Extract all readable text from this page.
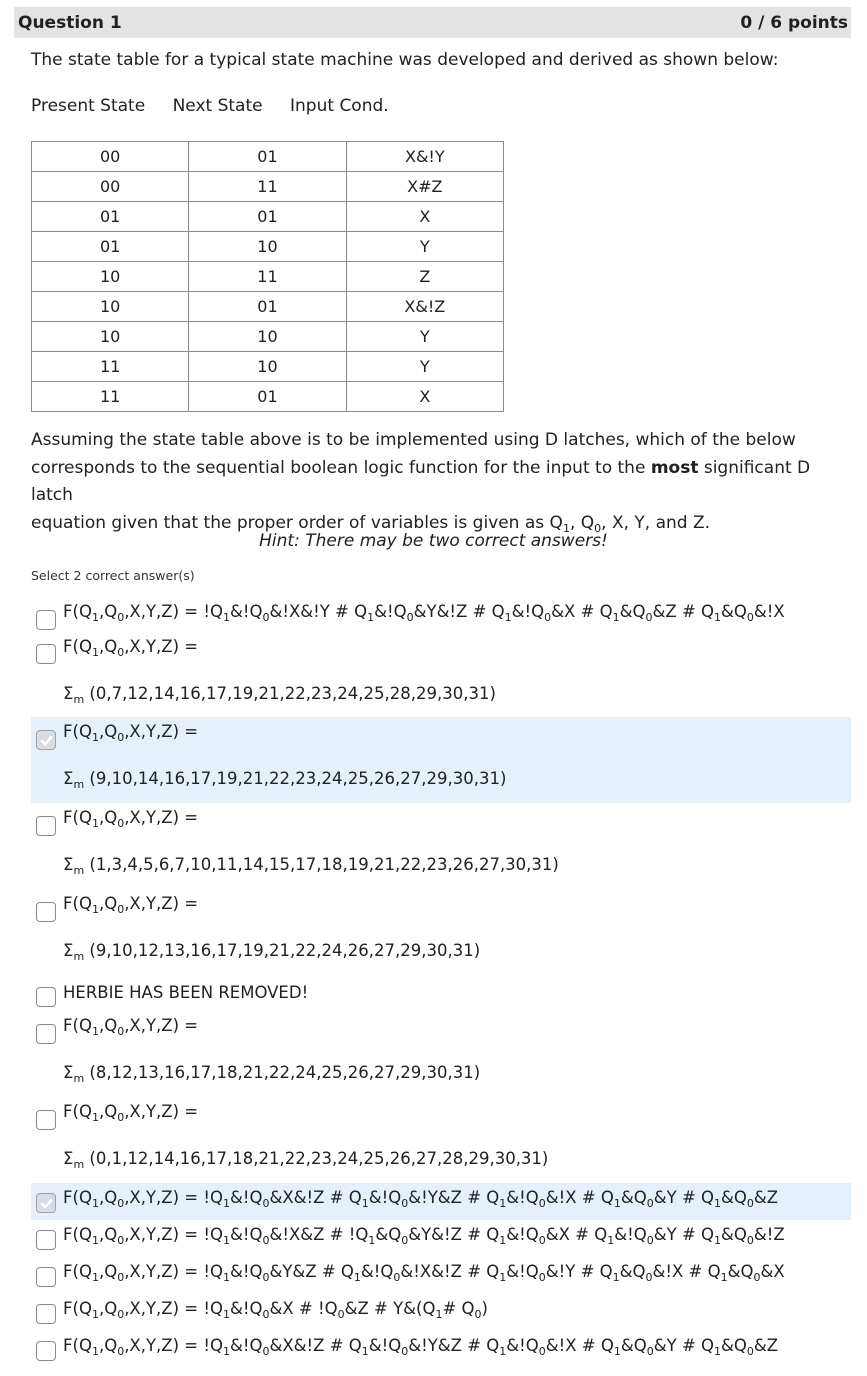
Question 1	0 / 6 points
The state table for a typical state machine was developed and derived as shown below:
Present State Next State Input Cond.
00	01	X&!Y
00	11	X#Z
01	01	X
01	10	Y
10	11	Z
10	01	X&!Z
10	10	Y
11	10	Y
11	01	X
Assuming the state table above is to be implemented using D latches, which of the below
corresponds to the sequential boolean logic function for the input to the most significant D latch
equation given that the proper order of variables is given as $Q_1$, $Q_0$, X, Y, and Z.
Hint: There may be two correct answers!
Select 2 correct answer(s)
$F(Q_1,Q_0,X,Y,Z)$ = $!Q_1\&!Q_0\&!X\&!Y$ # $Q_1\&!Q_0\&Y\&!Z$ # $Q_1\&!Q_0\&X$ # $Q_1\&Q_0\&Z$ # $Q_1\&Q_0\&!X$
$F(Q_1,Q_0,X,Y,Z)$ =
$\Sigma_m$ (0,7,12,14,16,17,19,21,22,23,24,25,28,29,30,31)
$F(Q_1,Q_0,X,Y,Z)$ =
$\Sigma_m$ (9,10,14,16,17,19,21,22,23,24,25,26,27,29,30,31)
$F(Q_1,Q_0,X,Y,Z)$ =
$\Sigma_m$ (1,3,4,5,6,7,10,11,14,15,17,18,19,21,22,23,26,27,30,31)
$F(Q_1,Q_0,X,Y,Z)$ =
$\Sigma_m$ (9,10,12,13,16,17,19,21,22,24,26,27,29,30,31)
HERBIE HAS BEEN REMOVED!
$F(Q_1,Q_0,X,Y,Z)$ =
$\Sigma_m$ (8,12,13,16,17,18,21,22,24,25,26,27,29,30,31)
$F(Q_1,Q_0,X,Y,Z)$ =
$\Sigma_m$ (0,1,12,14,16,17,18,21,22,23,24,25,26,27,28,29,30,31)
$F(Q_1,Q_0,X,Y,Z)$ = $!Q_1\&!Q_0\&X\&!Z$ # $Q_1\&!Q_0\&!Y\&Z$ # $Q_1\&!Q_0\&!X$ # $Q_1\&Q_0\&Y$ # $Q_1\&Q_0\&Z$
$F(Q_1,Q_0,X,Y,Z)$ = $!Q_1\&!Q_0\&!X\&Z$ # $!Q_1\&Q_0\&Y\&!Z$ # $Q_1\&!Q_0\&X$ # $Q_1\&!Q_0\&Y$ # $Q_1\&Q_0\&!Z$
$F(Q_1,Q_0,X,Y,Z)$ = $!Q_1\&!Q_0\&Y\&Z$ # $Q_1\&!Q_0\&!X\&!Z$ # $Q_1\&!Q_0\&!Y$ # $Q_1\&Q_0\&!X$ # $Q_1\&Q_0\&X$
$F(Q_1,Q_0,X,Y,Z)$ = $!Q_1\&!Q_0\&X$ # $!Q_0\&Z$ # $Y\&(Q_1\#$ $Q_0$)
$F(Q_1,Q_0,X,Y,Z)$ = $!Q_1\&!Q_0\&X\&!Z$ # $Q_1\&!Q_0\&!Y\&Z$ # $Q_1\&!Q_0\&!X$ # $Q_1\&Q_0\&Y$ # $Q_1\&Q_0\&Z$
